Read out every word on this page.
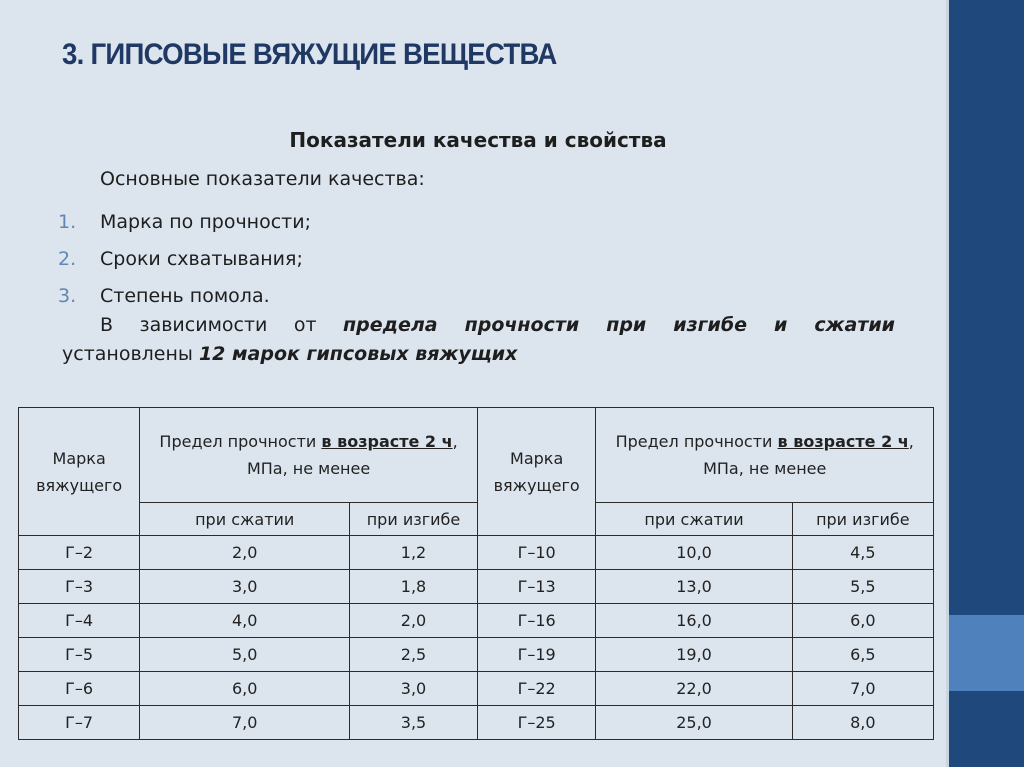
3. ГИПСОВЫЕ ВЯЖУЩИЕ ВЕЩЕСТВА

Показатели качества и свойства

Основные показатели качества:

1.	Марка по прочности;
2.	Сроки схватывания;
3.	Степень помола.

В зависимости от предела прочности при изгибе и сжатии
установлены 12 марок гипсовых вяжущих

Марка вяжущего	Предел прочности в возрасте 2 ч, МПа, не менее		Марка вяжущего	Предел прочности в возрасте 2 ч, МПа, не менее	
	при сжатии	при изгибе		при сжатии	при изгибе
Г–2	2,0	1,2	Г–10	10,0	4,5
Г–3	3,0	1,8	Г–13	13,0	5,5
Г–4	4,0	2,0	Г–16	16,0	6,0
Г–5	5,0	2,5	Г–19	19,0	6,5
Г–6	6,0	3,0	Г–22	22,0	7,0
Г–7	7,0	3,5	Г–25	25,0	8,0
